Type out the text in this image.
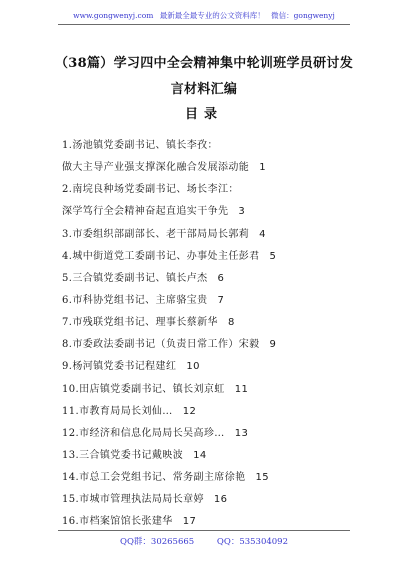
www.gongwenyj.com 最新最全最专业的公文资料库！ 微信：gongwenyj
（38篇）学习四中全会精神集中轮训班学员研讨发
言材料汇编
目录
1.汤池镇党委副书记、镇长李孜：
做大主导产业强支撑深化融合发展添动能 1
2.南垸良种场党委副书记、场长李江：
深学笃行全会精神奋起直追实干争先 3
3.市委组织部副部长、老干部局局长郭莉 4
4.城中街道党工委副书记、办事处主任彭君 5
5.三合镇党委副书记、镇长卢杰 6
6.市科协党组书记、主席骆宝贵 7
7.市残联党组书记、理事长蔡新华 8
8.市委政法委副书记（负责日常工作）宋毅 9
9.杨河镇党委书记程建红 10
10.田店镇党委副书记、镇长刘京虹 11
11.市教育局局长刘仙… 12
12.市经济和信息化局局长吴高珍… 13
13.三合镇党委书记戴映波 14
14.市总工会党组书记、常务副主席徐艳 15
15.市城市管理执法局局长章婷 16
16.市档案馆馆长张建华 17
QQ群：30265665	QQ：535304092
